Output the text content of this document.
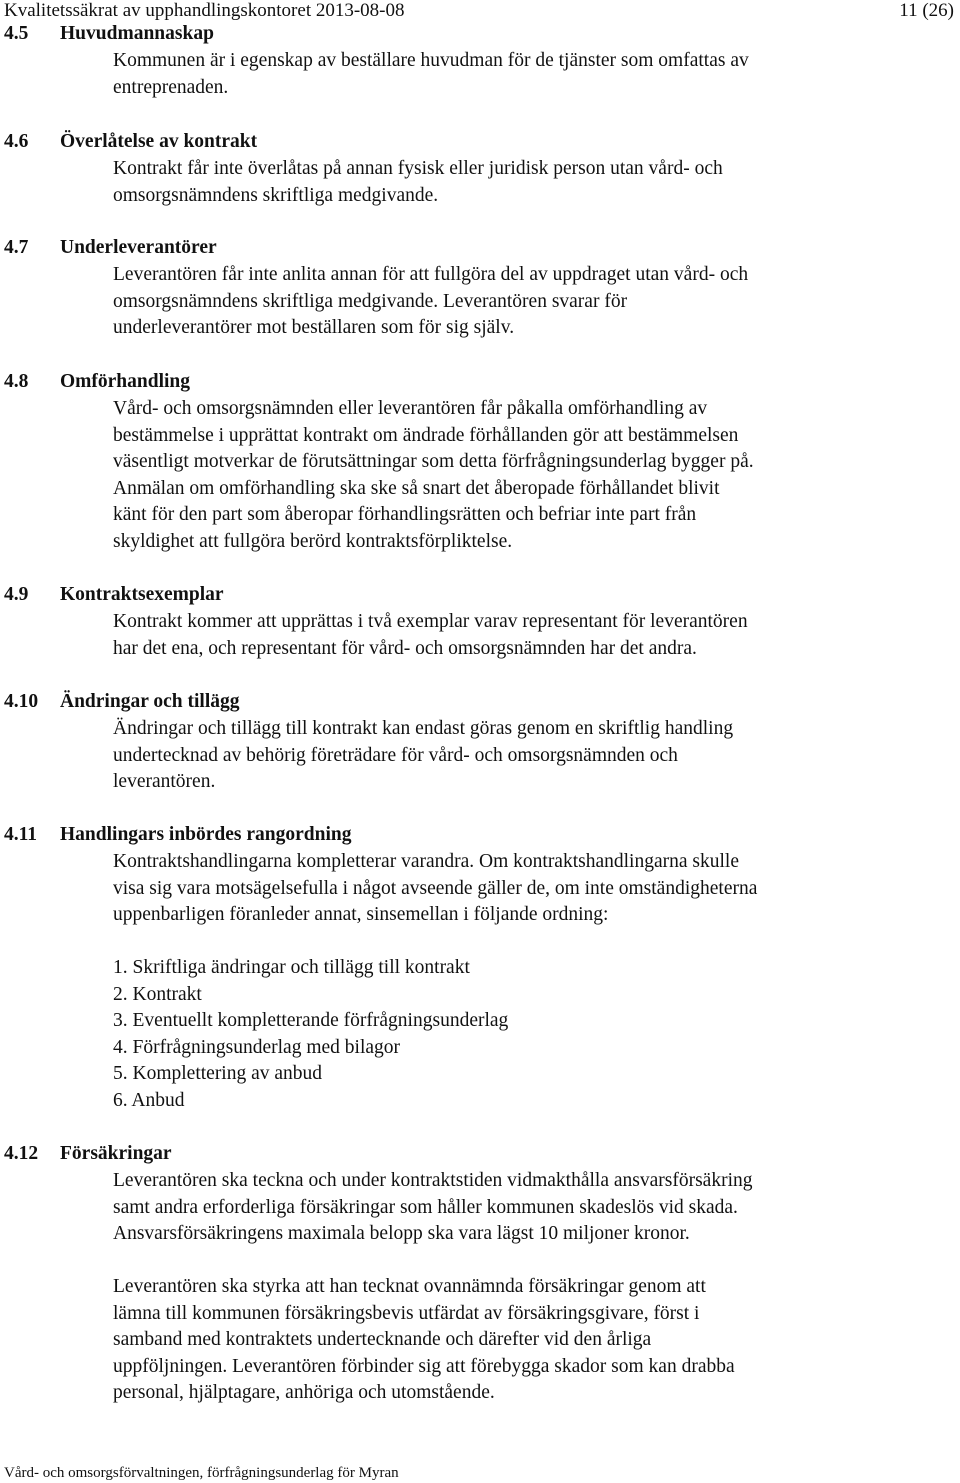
Kvalitetssäkrat av upphandlingskontoret 2013-08-08	11 (26)
4.5 Huvudmannaskap
Kommunen är i egenskap av beställare huvudman för de tjänster som omfattas av
entreprenaden.
4.6 Överlåtelse av kontrakt
Kontrakt får inte överlåtas på annan fysisk eller juridisk person utan vård- och
omsorgsnämndens skriftliga medgivande.
4.7 Underleverantörer
Leverantören får inte anlita annan för att fullgöra del av uppdraget utan vård- och
omsorgsnämndens skriftliga medgivande. Leverantören svarar för
underleverantörer mot beställaren som för sig själv.
4.8 Omförhandling
Vård- och omsorgsnämnden eller leverantören får påkalla omförhandling av
bestämmelse i upprättat kontrakt om ändrade förhållanden gör att bestämmelsen
väsentligt motverkar de förutsättningar som detta förfrågningsunderlag bygger på.
Anmälan om omförhandling ska ske så snart det åberopade förhållandet blivit
känt för den part som åberopar förhandlingsrätten och befriar inte part från
skyldighet att fullgöra berörd kontraktsförpliktelse.
4.9 Kontraktsexemplar
Kontrakt kommer att upprättas i två exemplar varav representant för leverantören
har det ena, och representant för vård- och omsorgsnämnden har det andra.
4.10 Ändringar och tillägg
Ändringar och tillägg till kontrakt kan endast göras genom en skriftlig handling
undertecknad av behörig företrädare för vård- och omsorgsnämnden och
leverantören.
4.11 Handlingars inbördes rangordning
Kontraktshandlingarna kompletterar varandra. Om kontraktshandlingarna skulle
visa sig vara motsägelsefulla i något avseende gäller de, om inte omständigheterna
uppenbarligen föranleder annat, sinsemellan i följande ordning:
1. Skriftliga ändringar och tillägg till kontrakt
2. Kontrakt
3. Eventuellt kompletterande förfrågningsunderlag
4. Förfrågningsunderlag med bilagor
5. Komplettering av anbud
6. Anbud
4.12 Försäkringar
Leverantören ska teckna och under kontraktstiden vidmakthålla ansvarsförsäkring
samt andra erforderliga försäkringar som håller kommunen skadeslös vid skada.
Ansvarsförsäkringens maximala belopp ska vara lägst 10 miljoner kronor.
Leverantören ska styrka att han tecknat ovannämnda försäkringar genom att
lämna till kommunen försäkringsbevis utfärdat av försäkringsgivare, först i
samband med kontraktets undertecknande och därefter vid den årliga
uppföljningen. Leverantören förbinder sig att förebygga skador som kan drabba
personal, hjälptagare, anhöriga och utomstående.
Vård- och omsorgsförvaltningen, förfrågningsunderlag för Myran
